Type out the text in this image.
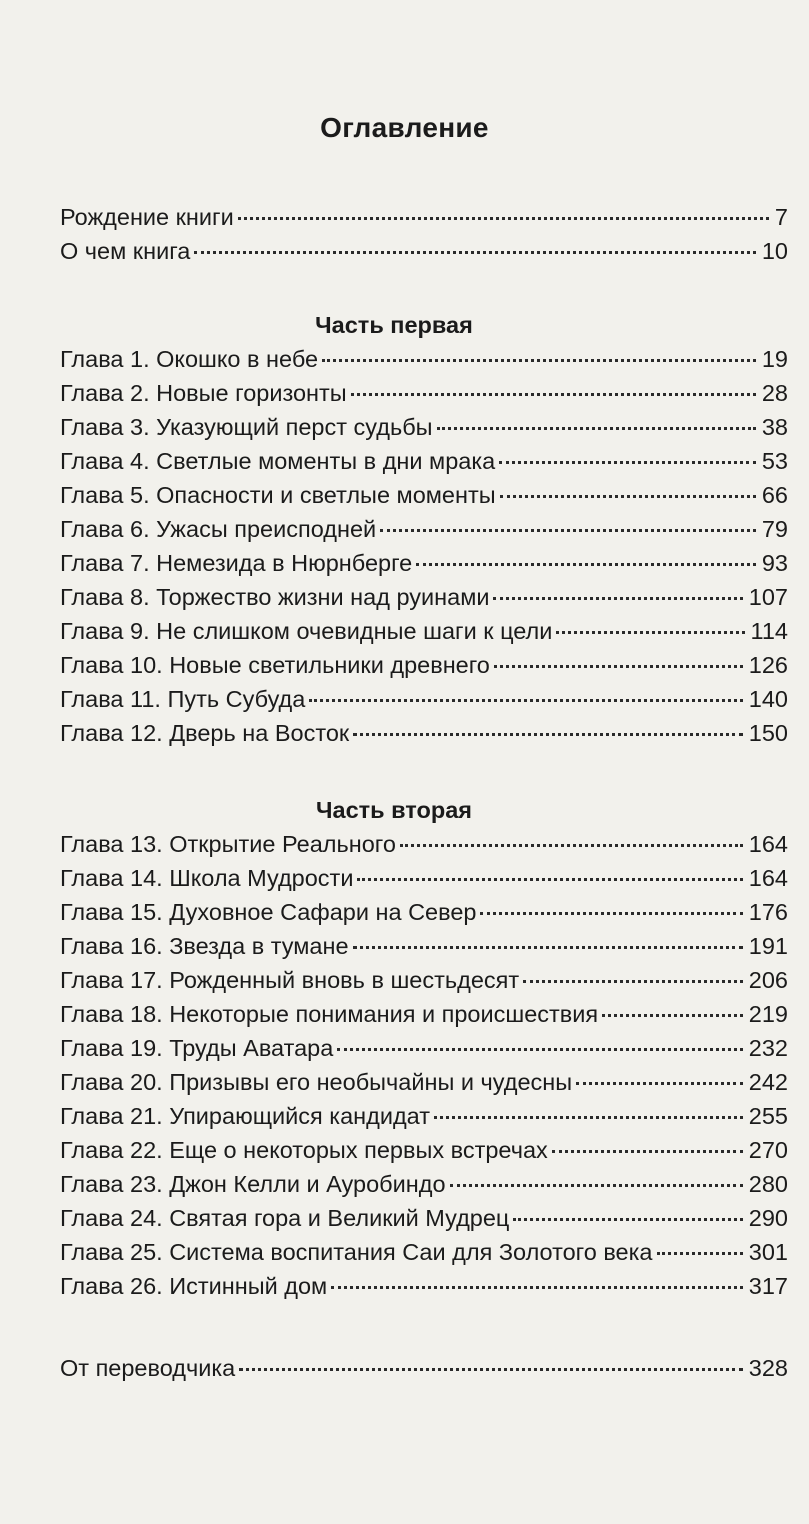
Оглавление
Рождение книги	7
О чем книга	10
Часть первая
Глава 1. Окошко в небе	19
Глава 2. Новые горизонты	28
Глава 3. Указующий перст судьбы	38
Глава 4. Светлые моменты в дни мрака	53
Глава 5. Опасности и светлые моменты	66
Глава 6. Ужасы преисподней	79
Глава 7. Немезида в Нюрнберге	93
Глава 8. Торжество жизни над руинами	107
Глава 9. Не слишком очевидные шаги к цели	114
Глава 10. Новые светильники древнего	126
Глава 11. Путь Субуда	140
Глава 12. Дверь на Восток	150
Часть вторая
Глава 13. Открытие Реального	164
Глава 14. Школа Мудрости	164
Глава 15. Духовное Сафари на Север	176
Глава 16. Звезда в тумане	191
Глава 17. Рожденный вновь в шестьдесят	206
Глава 18. Некоторые понимания и происшествия	219
Глава 19. Труды Аватара	232
Глава 20. Призывы его необычайны и чудесны	242
Глава 21. Упирающийся кандидат	255
Глава 22. Еще о некоторых первых встречах	270
Глава 23. Джон Келли и Ауробиндо	280
Глава 24. Святая гора и Великий Мудрец	290
Глава 25. Система воспитания Саи для Золотого века	301
Глава 26. Истинный дом	317
От переводчика	328
